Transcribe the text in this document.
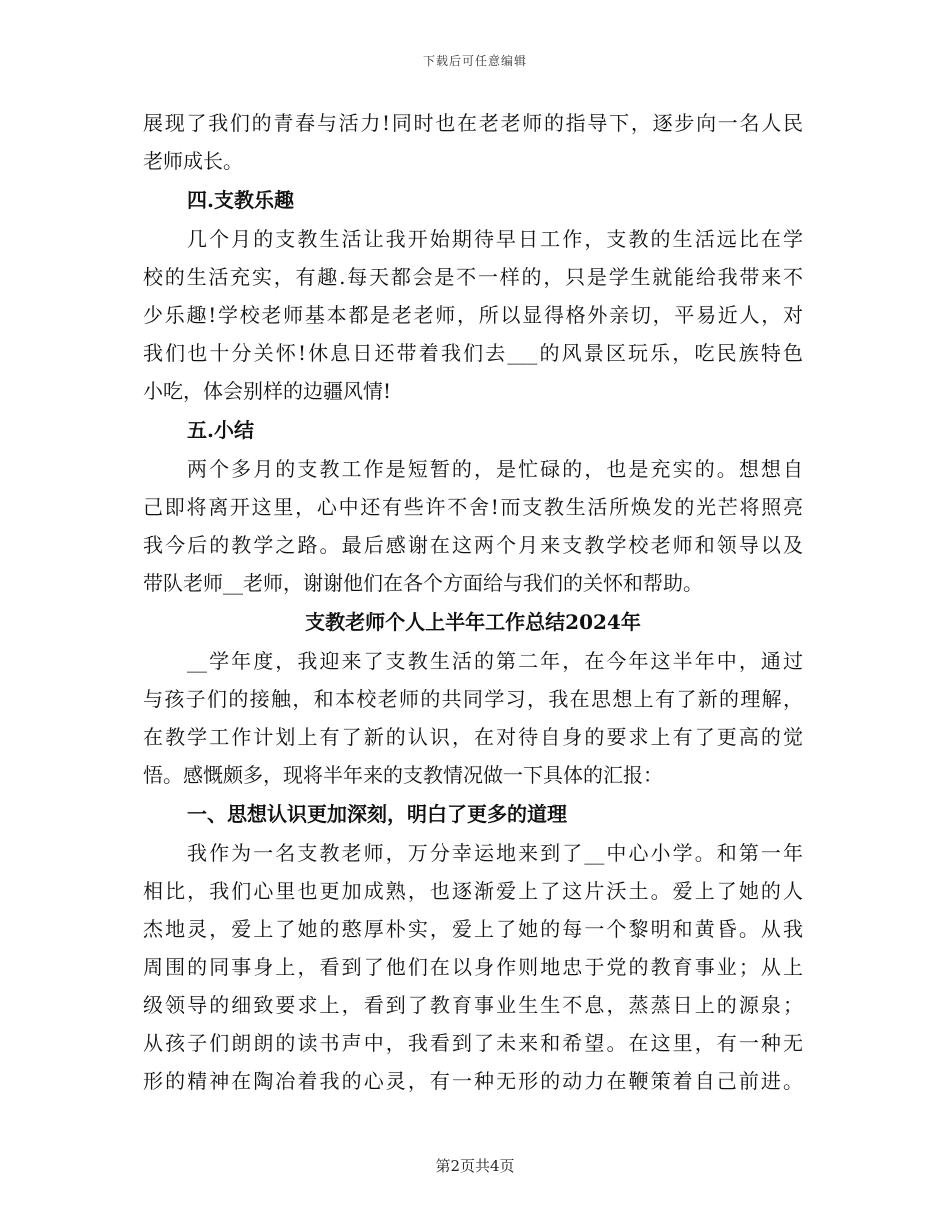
下载后可任意编辑
展现了我们的青春与活力!同时也在老老师的指导下，逐步向一名人民
老师成长。
四.支教乐趣
几个月的支教生活让我开始期待早日工作，支教的生活远比在学
校的生活充实，有趣.每天都会是不一样的，只是学生就能给我带来不
少乐趣!学校老师基本都是老老师，所以显得格外亲切，平易近人，对
我们也十分关怀!休息日还带着我们去___的风景区玩乐，吃民族特色
小吃，体会别样的边疆风情!
五.小结
两个多月的支教工作是短暂的，是忙碌的，也是充实的。想想自
己即将离开这里，心中还有些许不舍!而支教生活所焕发的光芒将照亮
我今后的教学之路。最后感谢在这两个月来支教学校老师和领导以及
带队老师__老师，谢谢他们在各个方面给与我们的关怀和帮助。
支教老师个人上半年工作总结2024年
__学年度，我迎来了支教生活的第二年，在今年这半年中，通过
与孩子们的接触，和本校老师的共同学习，我在思想上有了新的理解，
在教学工作计划上有了新的认识，在对待自身的要求上有了更高的觉
悟。感慨颇多，现将半年来的支教情况做一下具体的汇报：
一、思想认识更加深刻，明白了更多的道理
我作为一名支教老师，万分幸运地来到了__中心小学。和第一年
相比，我们心里也更加成熟，也逐渐爱上了这片沃土。爱上了她的人
杰地灵，爱上了她的憨厚朴实，爱上了她的每一个黎明和黄昏。从我
周围的同事身上，看到了他们在以身作则地忠于党的教育事业；从上
级领导的细致要求上，看到了教育事业生生不息，蒸蒸日上的源泉；
从孩子们朗朗的读书声中，我看到了未来和希望。在这里，有一种无
形的精神在陶冶着我的心灵，有一种无形的动力在鞭策着自己前进。
第2页共4页
